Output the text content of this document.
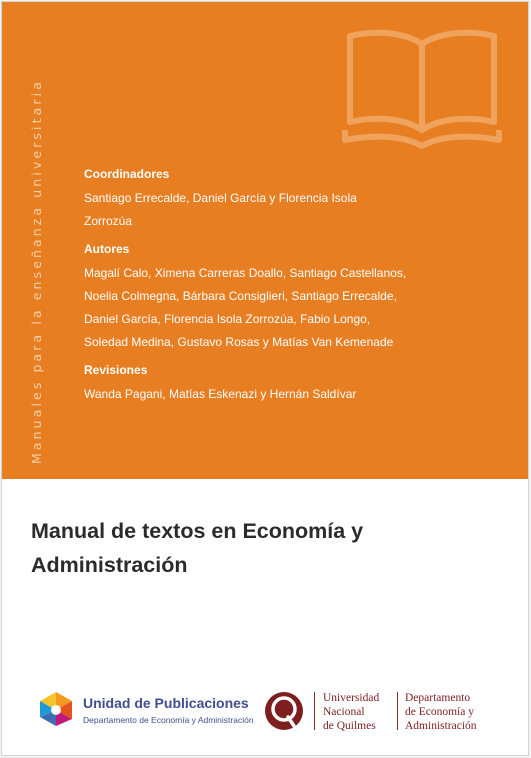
Manuales para la enseñanza universitaria	Coordinadores
Santiago Errecalde, Daniel García y Florencia Isola
Zorrozúa
Autores
Magalí Calo, Ximena Carreras Doallo, Santiago Castellanos,
Noelia Colmegna, Bárbara Consiglieri, Santiago Errecalde,
Daniel García, Florencia Isola Zorrozúa, Fabio Longo,
Soledad Medina, Gustavo Rosas y Matías Van Kemenade
Revisiones
Wanda Pagani, Matías Eskenazi y Hernán Saldívar
Manual de textos en Economía y
Administración
Unidad de Publicaciones
Departamento de Economía y Administración
Universidad
Nacional
de Quilmes
Departamento
de Economía y
Administración
